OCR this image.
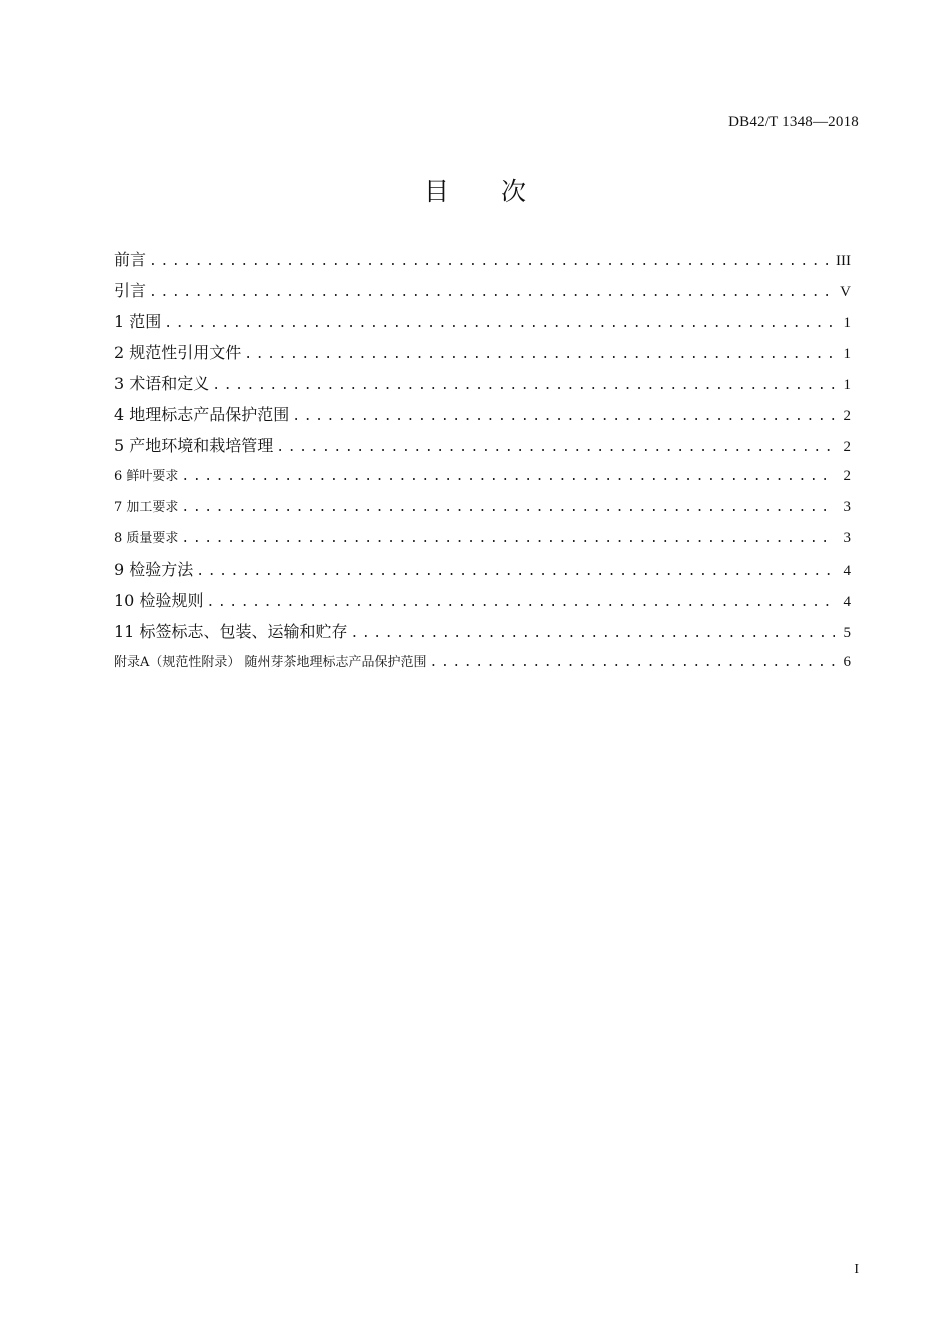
DB42/T 1348—2018
目次
前言 .....	III
引言 .....	V
1 范围 .....	1
2 规范性引用文件 .....	1
3 术语和定义 .....	1
4 地理标志产品保护范围 .....	2
5 产地环境和栽培管理 .....	2
6 鲜叶要求 .....	2
7 加工要求 .....	3
8 质量要求 .....	3
9 检验方法 .....	4
10 检验规则 .....	4
11 标签标志、包装、运输和贮存 .....	5
附录A（规范性附录） 随州芽茶地理标志产品保护范围 .....	6
I
